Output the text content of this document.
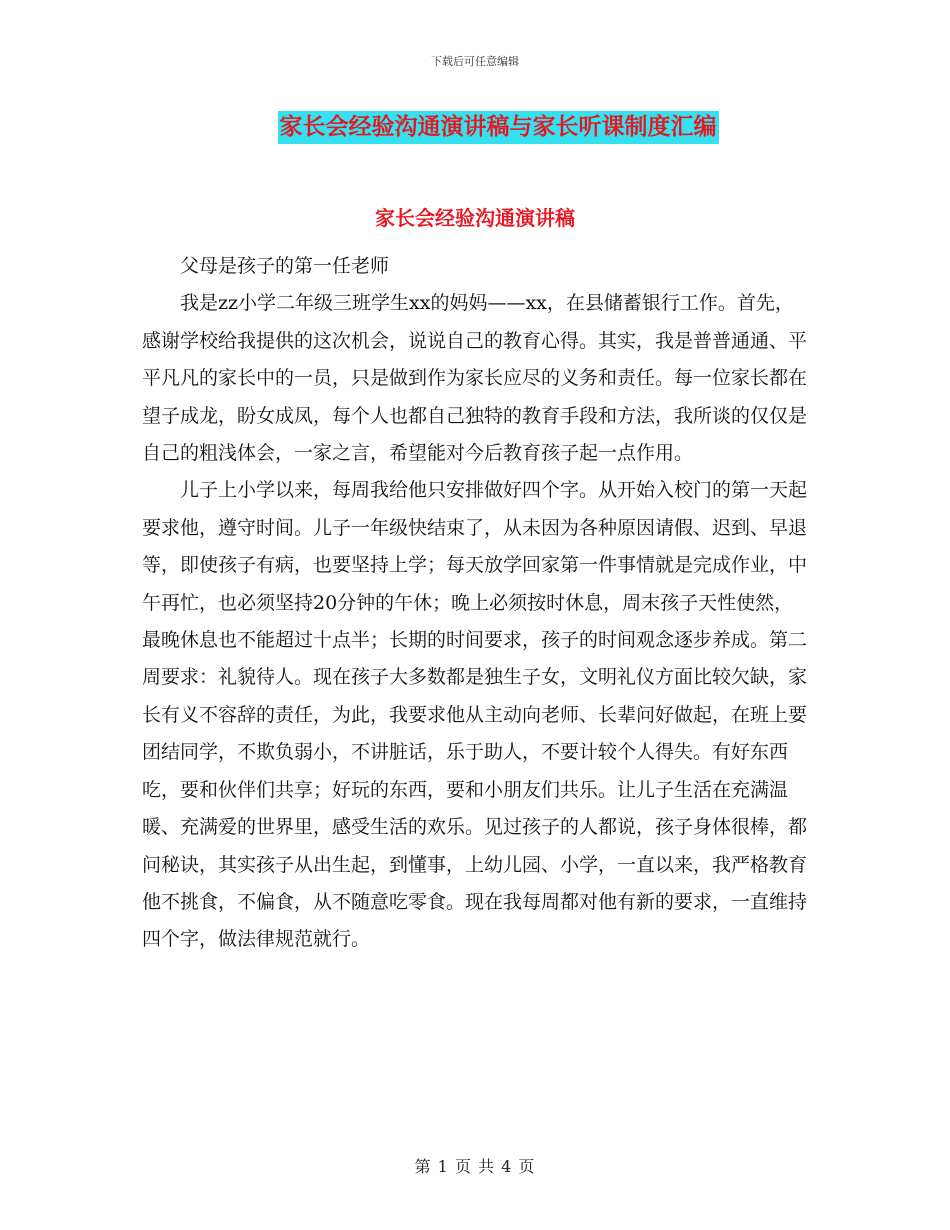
下载后可任意编辑
家长会经验沟通演讲稿与家长听课制度汇编
家长会经验沟通演讲稿

父母是孩子的第一任老师

我是zz小学二年级三班学生xx的妈妈——xx，在县储蓄银行工作。首先，感谢学校给我提供的这次机会，说说自己的教育心得。其实，我是普普通通、平平凡凡的家长中的一员，只是做到作为家长应尽的义务和责任。每一位家长都在望子成龙，盼女成凤，每个人也都自己独特的教育手段和方法，我所谈的仅仅是自己的粗浅体会，一家之言，希望能对今后教育孩子起一点作用。

儿子上小学以来，每周我给他只安排做好四个字。从开始入校门的第一天起要求他，遵守时间。儿子一年级快结束了，从未因为各种原因请假、迟到、早退等，即使孩子有病，也要坚持上学；每天放学回家第一件事情就是完成作业，中午再忙，也必须坚持20分钟的午休；晚上必须按时休息，周末孩子天性使然，最晚休息也不能超过十点半；长期的时间要求，孩子的时间观念逐步养成。第二周要求：礼貌待人。现在孩子大多数都是独生子女，文明礼仪方面比较欠缺，家长有义不容辞的责任，为此，我要求他从主动向老师、长辈问好做起，在班上要团结同学，不欺负弱小，不讲脏话，乐于助人，不要计较个人得失。有好东西吃，要和伙伴们共享；好玩的东西，要和小朋友们共乐。让儿子生活在充满温暖、充满爱的世界里，感受生活的欢乐。见过孩子的人都说，孩子身体很棒，都问秘诀，其实孩子从出生起，到懂事，上幼儿园、小学，一直以来，我严格教育他不挑食，不偏食，从不随意吃零食。现在我每周都对他有新的要求，一直维持四个字，做法律规范就行。

第 1 页 共 4 页
